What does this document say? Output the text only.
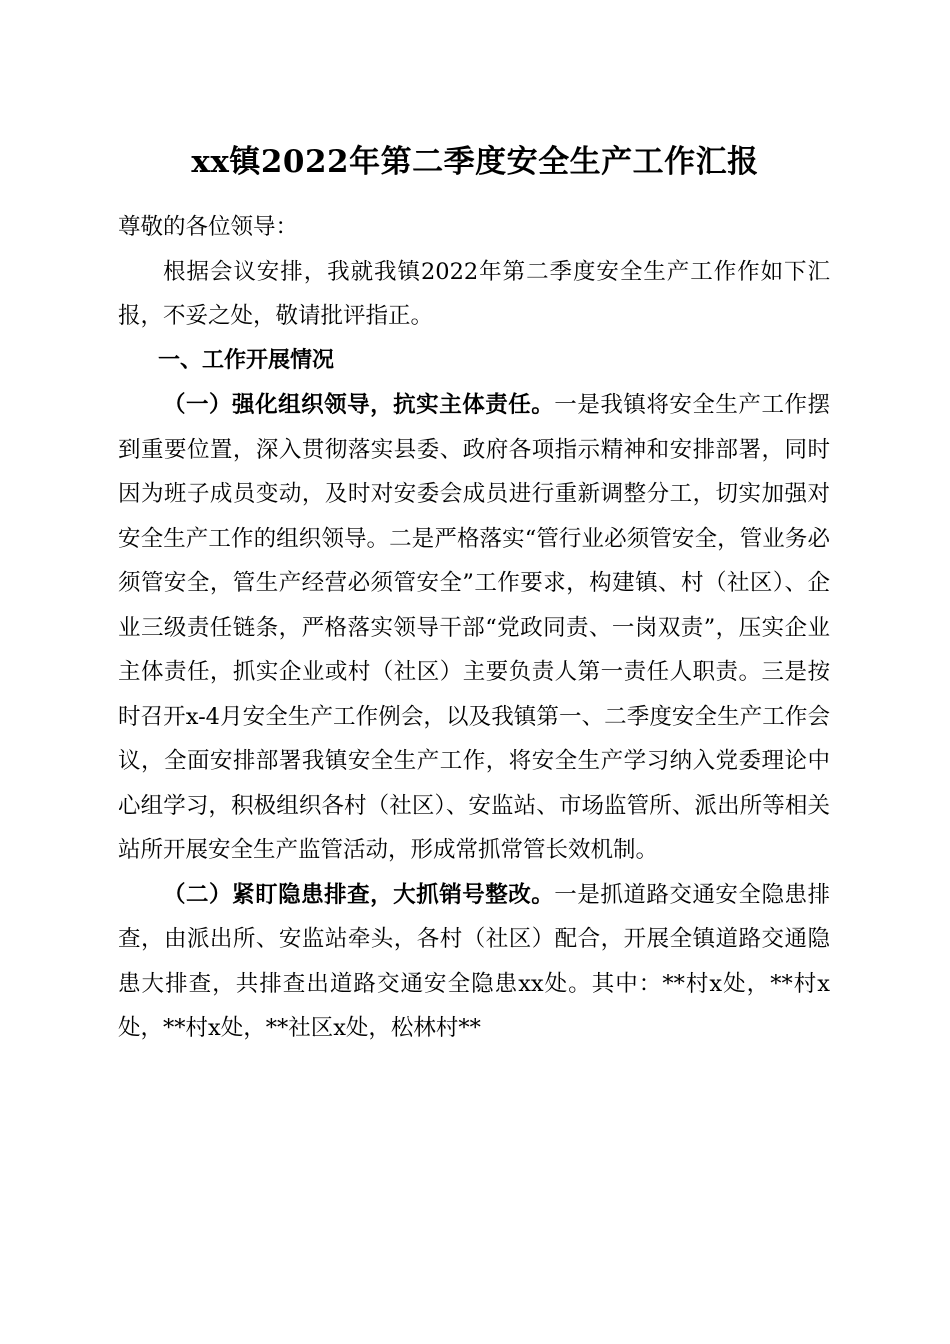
xx镇2022年第二季度安全生产工作汇报

尊敬的各位领导：

根据会议安排，我就我镇2022年第二季度安全生产工作作如下汇报，不妥之处，敬请批评指正。

一、工作开展情况

（一）强化组织领导，抗实主体责任。一是我镇将安全生产工作摆到重要位置，深入贯彻落实县委、政府各项指示精神和安排部署，同时因为班子成员变动，及时对安委会成员进行重新调整分工，切实加强对安全生产工作的组织领导。二是严格落实“管行业必须管安全，管业务必须管安全，管生产经营必须管安全”工作要求，构建镇、村（社区）、企业三级责任链条，严格落实领导干部“党政同责、一岗双责”，压实企业主体责任，抓实企业或村（社区）主要负责人第一责任人职责。三是按时召开x-4月安全生产工作例会，以及我镇第一、二季度安全生产工作会议，全面安排部署我镇安全生产工作，将安全生产学习纳入党委理论中心组学习，积极组织各村（社区）、安监站、市场监管所、派出所等相关站所开展安全生产监管活动，形成常抓常管长效机制。

（二）紧盯隐患排查，大抓销号整改。一是抓道路交通安全隐患排查，由派出所、安监站牵头，各村（社区）配合，开展全镇道路交通隐患大排查，共排查出道路交通安全隐患xx处。其中：**村x处，**村x处，**村x处，**社区x处，松林村**
